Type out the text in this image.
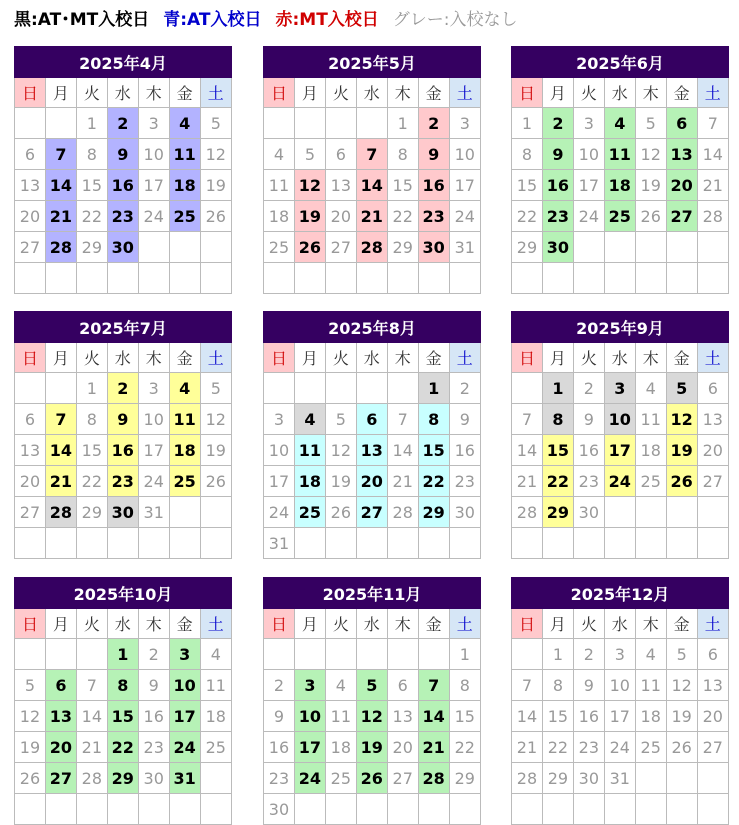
黒:AT･MT入校日 青:AT入校日 赤:MT入校日 グレー:入校なし
2025年4月						
日	月	火	水	木	金	土
		1	2	3	4	5
6	7	8	9	10	11	12
13	14	15	16	17	18	19
20	21	22	23	24	25	26
27	28	29	30			

2025年5月						
日	月	火	水	木	金	土
				1	2	3
4	5	6	7	8	9	10
11	12	13	14	15	16	17
18	19	20	21	22	23	24
25	26	27	28	29	30	31

2025年6月						
日	月	火	水	木	金	土
1	2	3	4	5	6	7
8	9	10	11	12	13	14
15	16	17	18	19	20	21
22	23	24	25	26	27	28
29	30					

2025年7月						
日	月	火	水	木	金	土
		1	2	3	4	5
6	7	8	9	10	11	12
13	14	15	16	17	18	19
20	21	22	23	24	25	26
27	28	29	30	31		

2025年8月						
日	月	火	水	木	金	土
					1	2
3	4	5	6	7	8	9
10	11	12	13	14	15	16
17	18	19	20	21	22	23
24	25	26	27	28	29	30
31						
2025年9月						
日	月	火	水	木	金	土
	1	2	3	4	5	6
7	8	9	10	11	12	13
14	15	16	17	18	19	20
21	22	23	24	25	26	27
28	29	30				

2025年10月						
日	月	火	水	木	金	土
			1	2	3	4
5	6	7	8	9	10	11
12	13	14	15	16	17	18
19	20	21	22	23	24	25
26	27	28	29	30	31	

2025年11月						
日	月	火	水	木	金	土
						1
2	3	4	5	6	7	8
9	10	11	12	13	14	15
16	17	18	19	20	21	22
23	24	25	26	27	28	29
30						
2025年12月						
日	月	火	水	木	金	土
	1	2	3	4	5	6
7	8	9	10	11	12	13
14	15	16	17	18	19	20
21	22	23	24	25	26	27
28	29	30	31			
